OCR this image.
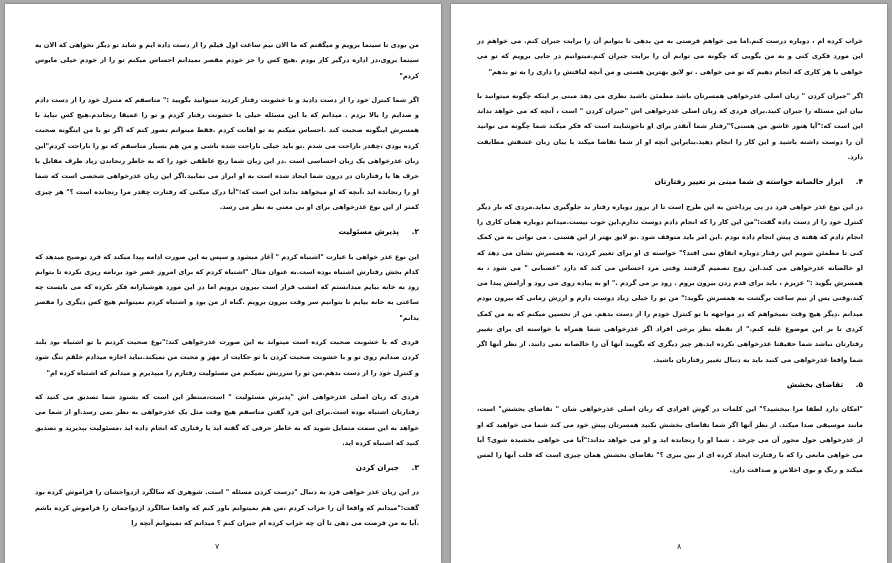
من بودی تا سینما برویم و میگفتم که ما الان نیم ساعت اول فیلم را از دست داده ایم و شاید تو دیگر نخواهی که الان به سینما بروی،در اداره درگیر کار بودم .هیچ کس را جز خودم مقصر نمیدانم احساس میکنم تو را از خودم خیلی مایوس کردم"

اگر شما کنترل خود را از دست دادید و با خشونت رفتار کردید میتوانید بگویید :" متاسفم که متنزل خود را از دست دادم و صدایم را بالا بردم . میدانم که با این مسئله خیلی با خشونت رفتار کردم و تو را عمیقا رنجاندم.هیچ کس نباید با همسرش اینگونه صحبت کند .احساس میکنم به تو اهانت کردم .فقط میتوانم تصور کنم که اگر تو با من اینگونه صحبت کرده بودی ،چقدر ناراحت می شدم .تو باید خیلی ناراحت شده باشی و من هم بسیار متاسفم که تو را ناراحت کردم"این زبان عذرخواهی یک زبان احساسی است .در این زبان شما رنج عاطفی خود را که به خاطر رنجاندن زیاد طرف مقابل با حرف ها یا رفتارتان در درون شما ایجاد شده است به او ابراز می نمایید.اگر این زبان عذرخواهی شخصی است که شما او را رنجانده اید ،آنچه که او میخواهد بداند این است که:"آیا درک میکنی که رفتارت چقدر مرا رنجانده است ؟" هر چیزی کمتر از این نوع عذرخواهی برای او بی معنی به نظر می رسد.

۲. پذیرش مسئولیت

این نوع عذر خواهی با عبارت "اشتباه کردم " آغاز میشود و سپس به این صورت ادامه پیدا میکند که فرد توضیح میدهد که کدام بخش رفتارش اشتباه بوده است.به عنوان مثال "اشتباه کردم که برای امروز عصر خود برنامه ریزی نکرده تا بتوانم زود به خانه بیایم میدانستم که امشب قرار است بیرون برویم اما در این مورد هوشیارانه فکر نکرده که می بایست چه ساعتی به خانه بیایم تا بتوانیم سر وقت بیرون برویم .گناه از من بود و اشتباه کردم نمیتوانم هیچ کس دیگری را مقصر بدانم"

فردی که با خشونت صحبت کرده است میتواند به این صورت عذرخواهی کند:"نوع صحبت کردنم با تو اشتباه بود بلند کردن صدایم روی تو و با خشونت صحبت کردن با تو حکایت از مهر و محبت من نمیکند.نباید اجازه میدادم خلقم تنگ شود و کنترل خود را از دست بدهم.من تو را سرزنش نمیکنم من مسئولیت رفتارم را میپذیرم و میدانم که اشتباه کرده ام"

فردی که زبان اصلی عذرخواهی اش "پذیرش مسئولیت " است،منتظر این است که بشنود شما تصدیق می کنید که رفتارتان اشتباه بوده است.برای این فرد گفتن متاسفم هیچ وقت مثل یک عذرخواهی به نظر نمی رسد.او از شما می خواهد به این سمت متمایل شوید که به خاطر حرفی که گفته اید یا رفتاری که انجام داده اید ،مسئولیت بپذیرید و تصدیق کنید که اشتباه کرده اید.

۳. جبران کردن

در این زبان عذر خواهی فرد به دنبال "درست کردن مسئله " است. شوهری که سالگرد ازدواجشان را فراموش کرده بود گفت:"میدانم که واقعا آن را خراب کردم ،من هم نمیتوانم باور کنم که واقعا سالگرد ازدواجمان را فراموش کرده باشم .آیا به من فرصت می دهی تا آن چه خراب کرده ام جبران کنم ؟ میدانم که نمیتوانم آنچه را

۷

خراب کرده ام ، دوباره درست کنم.اما می خواهم فرصتی به من بدهی تا بتوانم آن را برایت جبران کنم. می خواهم در این مورد فکری کنی و به من بگویی که چگونه می توانم آن را برایت جبران کنم.میتوانیم در جایی برویم که تو می خواهی یا هر کاری که انجام دهیم که تو می خواهی . تو لایق بهترین هستی و من آنچه لیاقتش را داری را به تو بدهم"

اگر "جبران کردن " زبان اصلی عذرخواهی همسرتان باشد مطمئن باشید نظری می دهد مبنی بر اینکه چگونه میتوانید با بیان این مسئله را جبران کنید.برای فردی که زبان اصلی عذرخواهی اش "جبران کردن " است ، آنچه که می خواهد بداند این است که:"آیا هنوز عاشق من هستی؟"رفتار شما آنقدر برای او ناخوشایند است که فکر میکند شما چگونه می توانید آن را دوست داشته باشید و این کار را انجام دهید.بنابراین آنچه او از شما تقاضا میکند با بیان زبان عشقش مطابقت دارد.

۴. ابراز خالصانه خواسته ی شما مبنی بر تغییر رفتارتان

در این نوع عذر خواهی فرد در پی پرداختن به این طرح است تا از بروز دوباره رفتار بد جلوگیری نماید.مردی که بار دیگر کنترل خود را از دست داده گفت:"من این کار را که انجام دادم دوست ندارم.این خوب نیست.میدانم دوباره همان کاری را انجام دادم که هفته ی پیش انجام داده بودم .این امر باید متوقف شود .تو لایق بهتر از این هستی . می توانی به من کمک کنی تا مطمئن شویم این رفتار دوباره اتفاق نمی افتد؟" خواسته ی او برای تغییر کردن، به همسرش نشان می دهد که او خالصانه عذرخواهی می کند.این زوج تصمیم گرفتند وقتی مرد احساس می کند که دارد "عصبانی " می شود ، به همسرش بگوید :" عزیزم ، باید برای قدم زدن بیرون بروم . زود بر می گردم ." او به پیاده روی می رود و آرامش پیدا می کند.وقتی پس از نیم ساعت برگشت به همسرش بگوید:" من تو را خیلی زیاد دوست دارم و ارزش زمانی که بیرون بودم میدانم .دیگر هیچ وقت نمیخواهم که در مواجهه با تو کنترل خودم را از دست بدهم. من از تحسین میکنم که به من کمک کردی تا بر این موضوع غلبه کنم." از نقطه نظر برخی افراد اگر عذرخواهی شما همراه با خواسته ای برای تغییر رفتارتان نباشد شما حقیقتا عذرخواهی نکرده اید.هر چیز دیگری که بگویید آنها آن را خالصانه نمی دانند. از نظر آنها اگر شما واقعا عذرخواهی می کنید باید به دنبال تغییر رفتارتان باشید.

۵. تقاضای بخشش

"امکان دارد لطفا مرا ببخشید؟" این کلمات در گوش افرادی که زبان اصلی عذرخواهی شان " تقاضای بخشش" است، مانند موسیقی صدا میکند. از نظر آنها اگر شما تقاضای بخشش نکنید همسرتان پیش خود می کند شما می خواهید که او از عذرخواهی حول محور آن می چرخد . شما او را رنجانده اید و او می خواهد بداند:"آیا می خواهی بخشیده شوی؟ آیا می خواهی مانعی را که با رفتارت ایجاد کرده ای از بین ببری ؟" تقاضای بخشش همان چیزی است که قلب آنها را لمس میکند و رنگ و بوی اخلاص و صداقت دارد.

۸
